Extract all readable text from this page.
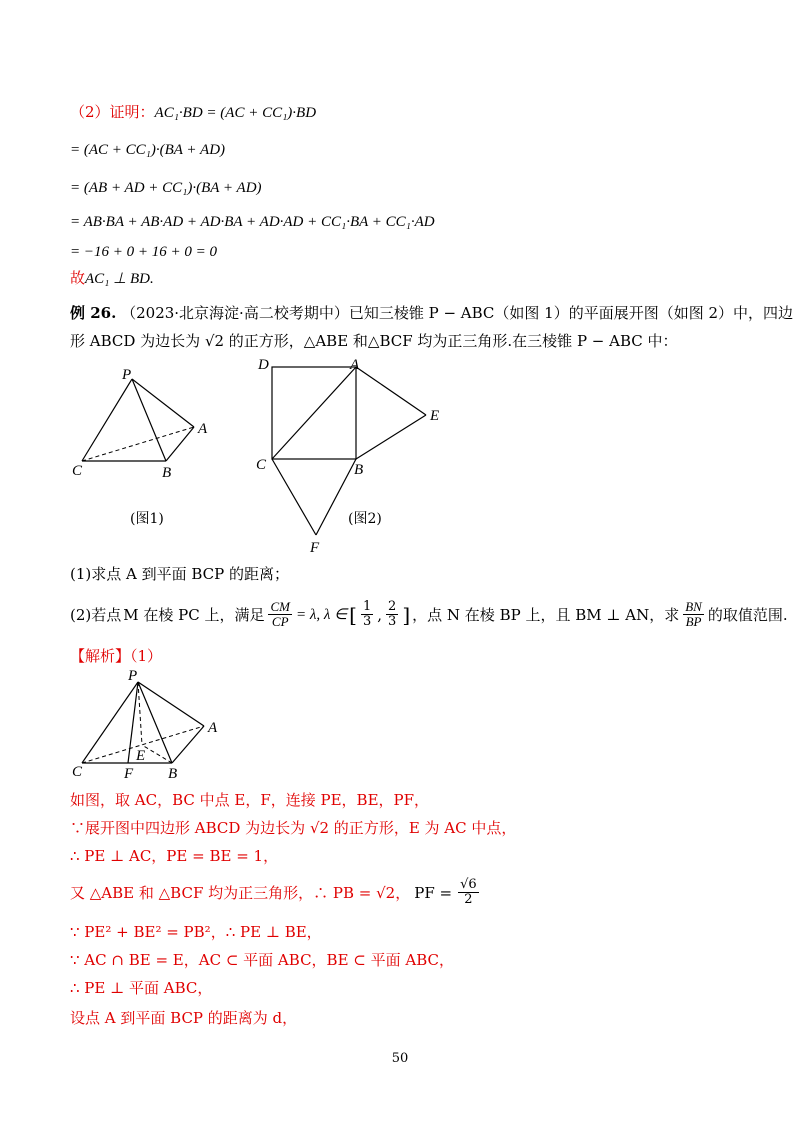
（2）证明：AC₁·BD = (AC + CC₁)·BD
= (AC + CC₁)·(BA + AD)
= (AB + AD + CC₁)·(BA + AD)
= AB·BA + AB·AD + AD·BA + AD·AD + CC₁·BA + CC₁·AD
= −16 + 0 + 16 + 0 = 0
故AC₁ ⊥ BD.
例 26. （2023·北京海淀·高二校考期中）已知三棱锥 P − ABC（如图 1）的平面展开图（如图 2）中，四边
形 ABCD 为边长为 √2 的正方形，△ABE 和△BCF 均为正三角形.在三棱锥 P − ABC 中：
P
A
C	B
(图1)
D	A
E
C	B
F
(图2)
(1)求点 A 到平面 BCP 的距离；
(2)若点 M 在棱 PC 上，满足 $\frac{CM}{CP} = \lambda$, λ ∈ [ $\frac{1}{3}$ , $\frac{2}{3}$ ] ，点 N 在棱 BP 上，且 BM ⊥ AN，求 $\frac{BN}{BP}$ 的取值范围.
【解析】（1）
P
A
E
C	F B
如图，取 AC，BC 中点 E，F，连接 PE，BE，PF，
∵展开图中四边形 ABCD 为边长为 √2 的正方形，E 为 AC 中点，
∴ PE ⊥ AC，PE = BE = 1，
又 △ABE 和 △BCF 均为正三角形，∴ PB = √2， PF = $\frac{√6}{2}$
∵ PE² + BE² = PB²，∴ PE ⊥ BE，
∵ AC ∩ BE = E，AC ⊂ 平面 ABC，BE ⊂ 平面 ABC，
∴ PE ⊥ 平面 ABC，
设点 A 到平面 BCP 的距离为 d，
50
